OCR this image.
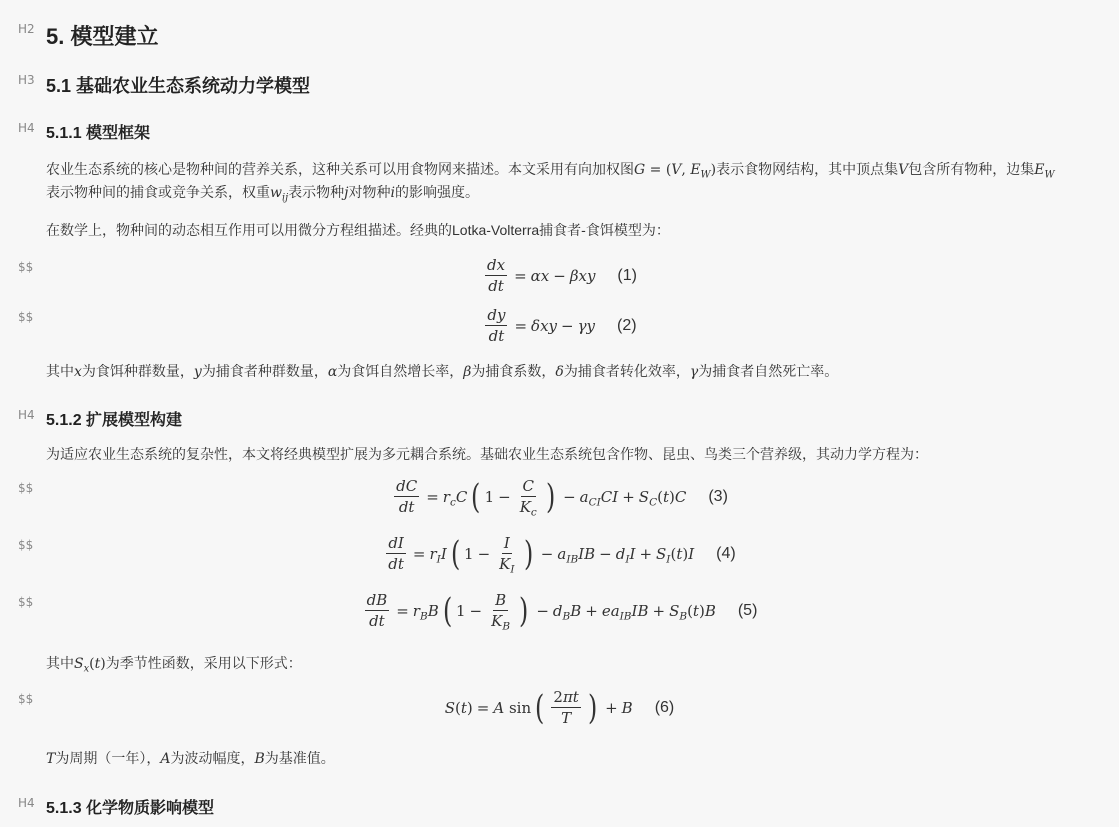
H2 5. 模型建立
H3 5.1 基础农业生态系统动力学模型
H4 5.1.1 模型框架

农业生态系统的核心是物种间的营养关系，这种关系可以用食物网来描述。本文采用有向加权图G = (V, $E_W$)表示食物网结构，其中顶点集V包含所有物种，边集$E_W$
表示物种间的捕食或竞争关系，权重$w_{ij}$表示物种j对物种i的影响强度。

在数学上，物种间的动态相互作用可以用微分方程组描述。经典的Lotka-Volterra捕食者-食饵模型为：

$$	$\frac{dx}{dt} = \alpha x - \beta xy$ (1)
$$	$\frac{dy}{dt} = \delta xy - \gamma y$ (2)

其中x为食饵种群数量，y为捕食者种群数量，α为食饵自然增长率，β为捕食系数，δ为捕食者转化效率，γ为捕食者自然死亡率。

H4 5.1.2 扩展模型构建

为适应农业生态系统的复杂性，本文将经典模型扩展为多元耦合系统。基础农业生态系统包含作物、昆虫、鸟类三个营养级，其动力学方程为：

$$	$\frac{dC}{dt} = r_cC$ ( $1 - \frac{C}{K_c}$ ) − $a_{CI}CI + S_C$ ( t ) C (3)
$$	$\frac{dI}{dt} = r_II$ ( $1 - \frac{I}{K_I}$ ) − $a_{IB}IB - d_II + S_I$ ( t ) I (4)
$$	$\frac{dB}{dt} = r_BB$ ( $1 - \frac{B}{K_B}$ ) − $d_BB + ea_{IB}IB + S_B$ ( t ) B (5)

其中$S_x(t)$为季节性函数，采用以下形式：

$$	S ( t ) = A sin ( $\frac{2\pi t}{T}$ ) + B (6)

T为周期（一年），A为波动幅度，B为基准值。

H4 5.1.3 化学物质影响模型
